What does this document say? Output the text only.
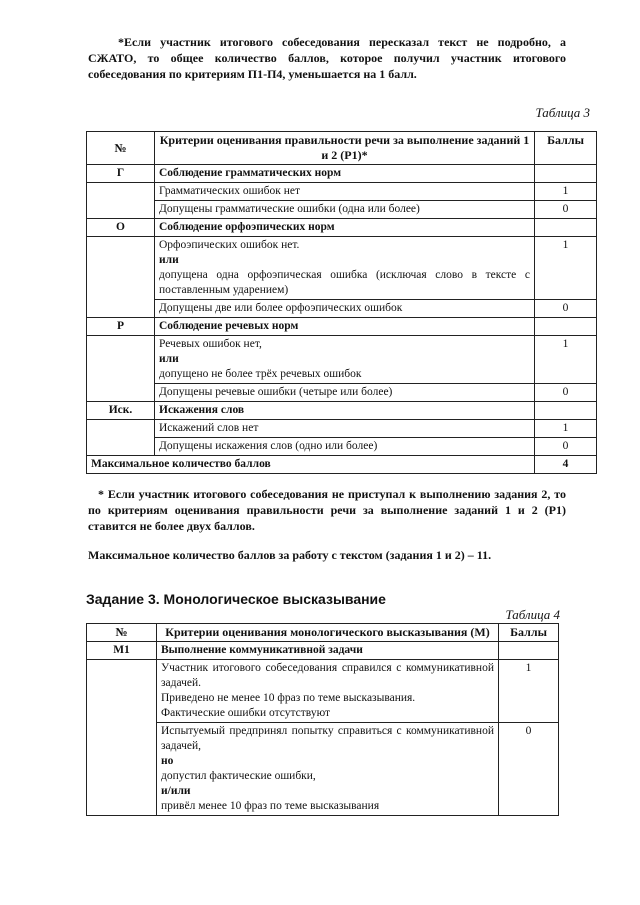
*Если участник итогового собеседования пересказал текст не подробно, а СЖАТО, то общее количество баллов, которое получил участник итогового собеседования по критериям П1-П4, уменьшается на 1 балл.
Таблица 3
№	Критерии оценивания правильности речи за выполнение заданий 1 и 2 (Р1)*	Баллы
Г	Соблюдение грамматических норм	

	Грамматических ошибок нет	1

	Допущены грамматические ошибки (одна или более)	0
О	Соблюдение орфоэпических норм	

	Орфоэпических ошибок нет.
или
допущена одна орфоэпическая ошибка (исключая слово в тексте с поставленным ударением)	1

	Допущены две или более орфоэпических ошибок	0
Р	Соблюдение речевых норм	

	Речевых ошибок нет,
или
допущено не более трёх речевых ошибок	1

	Допущены речевые ошибки (четыре или более)	0
Иск.	Искажения слов	

	Искажений слов нет	1

	Допущены искажения слов (одно или более)	0
Максимальное количество баллов		4
* Если участник итогового собеседования не приступал к выполнению задания 2, то по критериям оценивания правильности речи за выполнение заданий 1 и 2 (Р1) ставится не более двух баллов.
Максимальное количество баллов за работу с текстом (задания 1 и 2) – 11.
Задание 3. Монологическое высказывание
Таблица 4
№	Критерии оценивания монологического высказывания (М)	Баллы
М1	Выполнение коммуникативной задачи	

	Участник итогового собеседования справился с коммуникативной задачей.
Приведено не менее 10 фраз по теме высказывания.
Фактические ошибки отсутствуют	1

	Испытуемый предпринял попытку справиться с коммуникативной задачей,
но
допустил фактические ошибки,
и/или
привёл менее 10 фраз по теме высказывания	0
